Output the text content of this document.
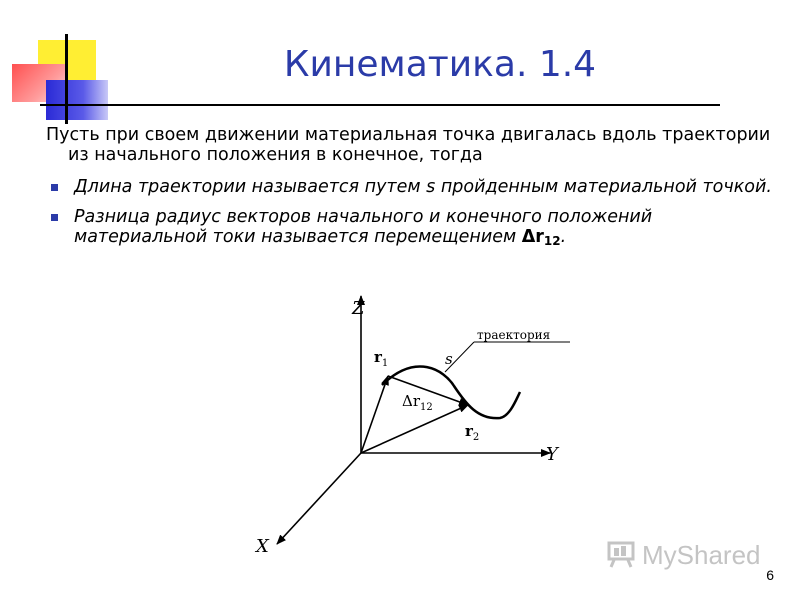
Кинематика. 1.4

Пусть при своем движении материальная точка двигалась вдоль траектории из начального положения в конечное, тогда

Длина траектории называется путем s пройденным материальной точкой.
Разница радиус векторов начального и конечного положений материальной токи называется перемещением $\Delta r_{12}$.
Z
Y
X
$r_1$
$r_2$
$\Delta r_{12}$
s
траектория
MyShared
6
